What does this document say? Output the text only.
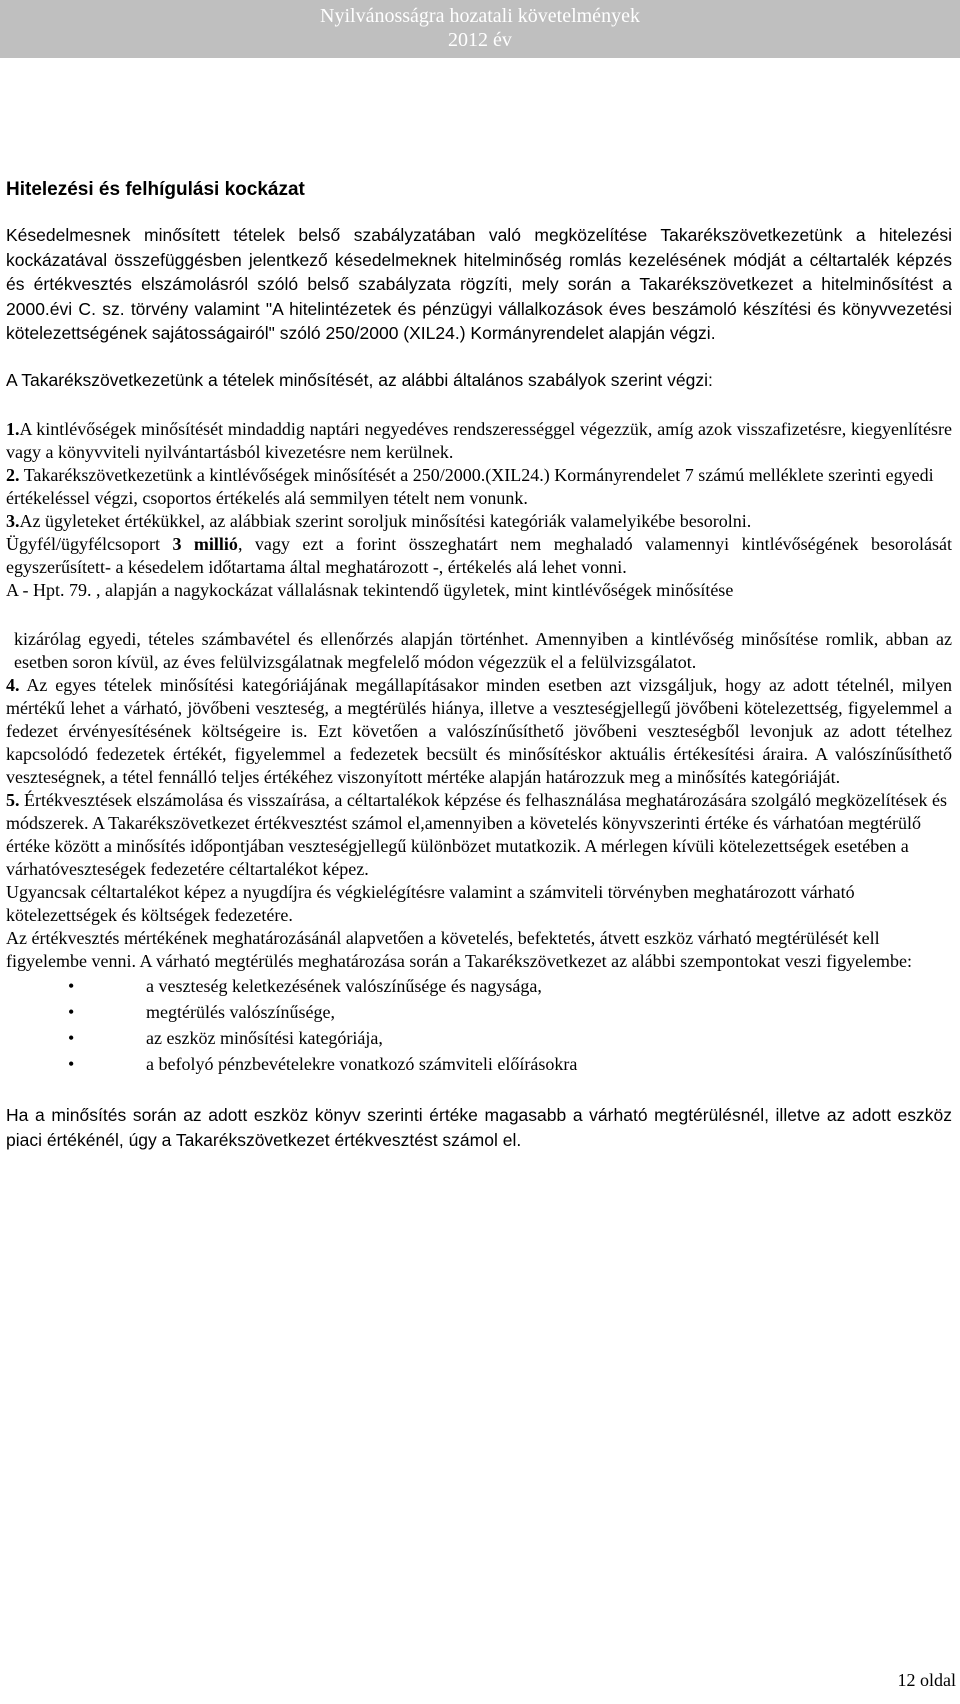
Nyilvánosságra hozatali követelmények
2012 év
Hitelezési és felhígulási kockázat

Késedelmesnek minősített tételek belső szabályzatában való megközelítése Takarékszövetkezetünk a hitelezési kockázatával összefüggésben jelentkező késedelmeknek hitelminőség romlás kezelésének módját a céltartalék képzés és értékvesztés elszámolásról szóló belső szabályzata rögzíti, mely során a Takarékszövetkezet a hitelminősítést a 2000.évi C. sz. törvény valamint "A hitelintézetek és pénzügyi vállalkozások éves beszámoló készítési és könyvvezetési kötelezettségének sajátosságairól" szóló 250/2000 (XIL24.) Kormányrendelet alapján végzi.

A Takarékszövetkezetünk a tételek minősítését, az alábbi általános szabályok szerint végzi:

1.A kintlévőségek minősítését mindaddig naptári negyedéves rendszerességgel végezzük, amíg azok visszafizetésre, kiegyenlítésre vagy a könyvviteli nyilvántartásból kivezetésre nem kerülnek.

2. Takarékszövetkezetünk a kintlévőségek minősítését a 250/2000.(XIL24.) Kormányrendelet 7 számú melléklete szerinti egyedi értékeléssel végzi, csoportos értékelés alá semmilyen tételt nem vonunk.

3.Az ügyleteket értékükkel, az alábbiak szerint soroljuk minősítési kategóriák valamelyikébe besorolni.

Ügyfél/ügyfélcsoport 3 millió, vagy ezt a forint összeghatárt nem meghaladó valamennyi kintlévőségének besorolását egyszerűsített- a késedelem időtartama által meghatározott -, értékelés alá lehet vonni.

A - Hpt. 79. , alapján a nagykockázat vállalásnak tekintendő ügyletek, mint kintlévőségek minősítése

kizárólag egyedi, tételes számbavétel és ellenőrzés alapján történhet. Amennyiben a kintlévőség minősítése romlik, abban az esetben soron kívül, az éves felülvizsgálatnak megfelelő módon végezzük el a felülvizsgálatot.

4. Az egyes tételek minősítési kategóriájának megállapításakor minden esetben azt vizsgáljuk, hogy az adott tételnél, milyen mértékű lehet a várható, jövőbeni veszteség, a megtérülés hiánya, illetve a veszteségjellegű jövőbeni kötelezettség, figyelemmel a fedezet érvényesítésének költségeire is. Ezt követően a valószínűsíthető jövőbeni veszteségből levonjuk az adott tételhez kapcsolódó fedezetek értékét, figyelemmel a fedezetek becsült és minősítéskor aktuális értékesítési áraira. A valószínűsíthető veszteségnek, a tétel fennálló teljes értékéhez viszonyított mértéke alapján határozzuk meg a minősítés kategóriáját.

5. Értékvesztések elszámolása és visszaírása, a céltartalékok képzése és felhasználása meghatározására szolgáló megközelítések és módszerek. A Takarékszövetkezet értékvesztést számol el,amennyiben a követelés könyvszerinti értéke és várhatóan megtérülő értéke között a minősítés időpontjában veszteségjellegű különbözet mutatkozik. A mérlegen kívüli kötelezettségek esetében a várhatóveszteségek fedezetére céltartalékot képez.

Ugyancsak céltartalékot képez a nyugdíjra és végkielégítésre valamint a számviteli törvényben meghatározott várható kötelezettségek és költségek fedezetére.

Az értékvesztés mértékének meghatározásánál alapvetően a követelés, befektetés, átvett eszköz várható megtérülését kell figyelembe venni. A várható megtérülés meghatározása során a Takarékszövetkezet az alábbi szempontokat veszi figyelembe:

•	a veszteség keletkezésének valószínűsége és nagysága,
•	megtérülés valószínűsége,
•	az eszköz minősítési kategóriája,
•	a befolyó pénzbevételekre vonatkozó számviteli előírásokra

Ha a minősítés során az adott eszköz könyv szerinti értéke magasabb a várható megtérülésnél, illetve az adott eszköz piaci értékénél, úgy a Takarékszövetkezet értékvesztést számol el.

12 oldal
